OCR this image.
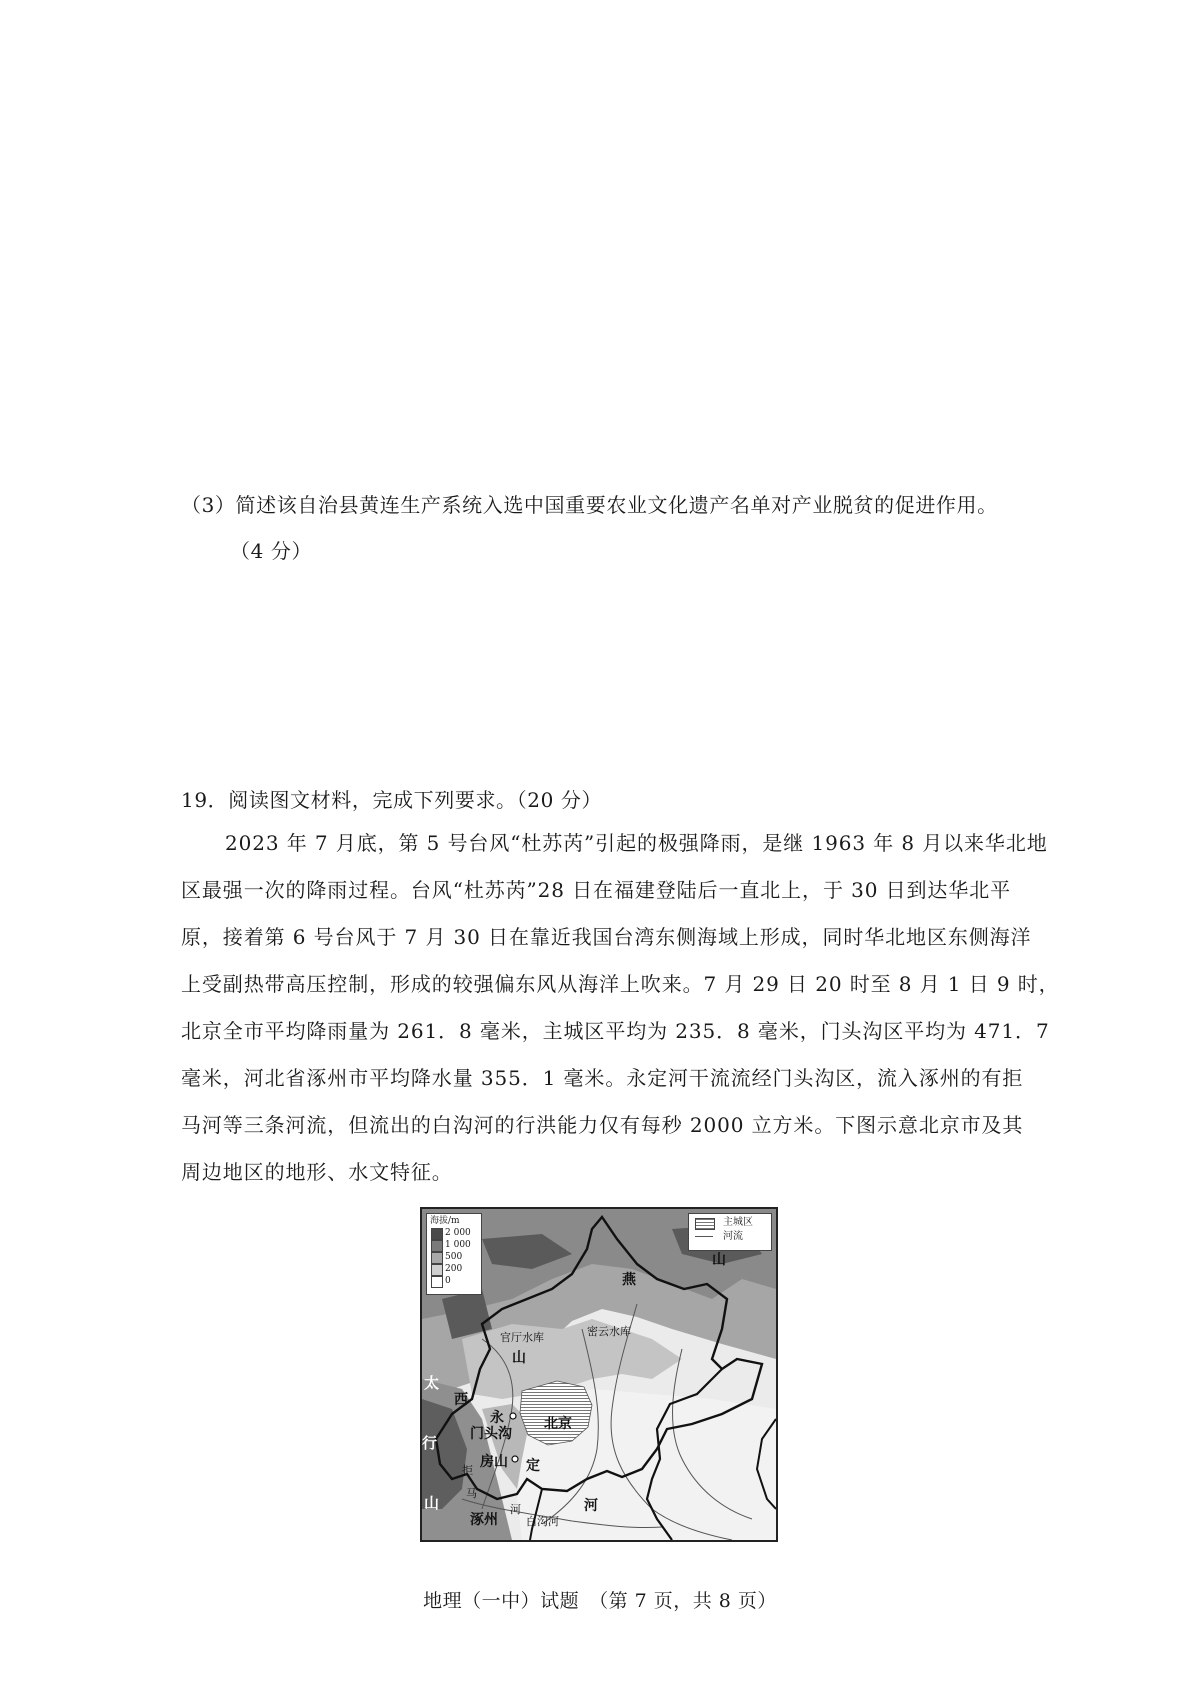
（3）简述该自治县黄连生产系统入选中国重要农业文化遗产名单对产业脱贫的促进作用。
（4 分）
19．阅读图文材料，完成下列要求。（20 分）
2023 年 7 月底，第 5 号台风“杜苏芮”引起的极强降雨，是继 1963 年 8 月以来华北地
区最强一次的降雨过程。台风“杜苏芮”28 日在福建登陆后一直北上，于 30 日到达华北平
原，接着第 6 号台风于 7 月 30 日在靠近我国台湾东侧海域上形成，同时华北地区东侧海洋
上受副热带高压控制，形成的较强偏东风从海洋上吹来。7 月 29 日 20 时至 8 月 1 日 9 时，
北京全市平均降雨量为 261．8 毫米，主城区平均为 235．8 毫米，门头沟区平均为 471．7
毫米，河北省涿州市平均降水量 355．1 毫米。永定河干流流经门头沟区，流入涿州的有拒
马河等三条河流，但流出的白沟河的行洪能力仅有每秒 2000 立方米。下图示意北京市及其
周边地区的地形、水文特征。
海拔/m
2 000
1 000
500
200
0
主城区
河流
燕
山
密云水库
官厅水库
山
太
西
永
门头沟
北京
行
拒
房山 定
马
山
涿州
河
白沟河
河
地理（一中）试题　（第 7 页，共 8 页）
